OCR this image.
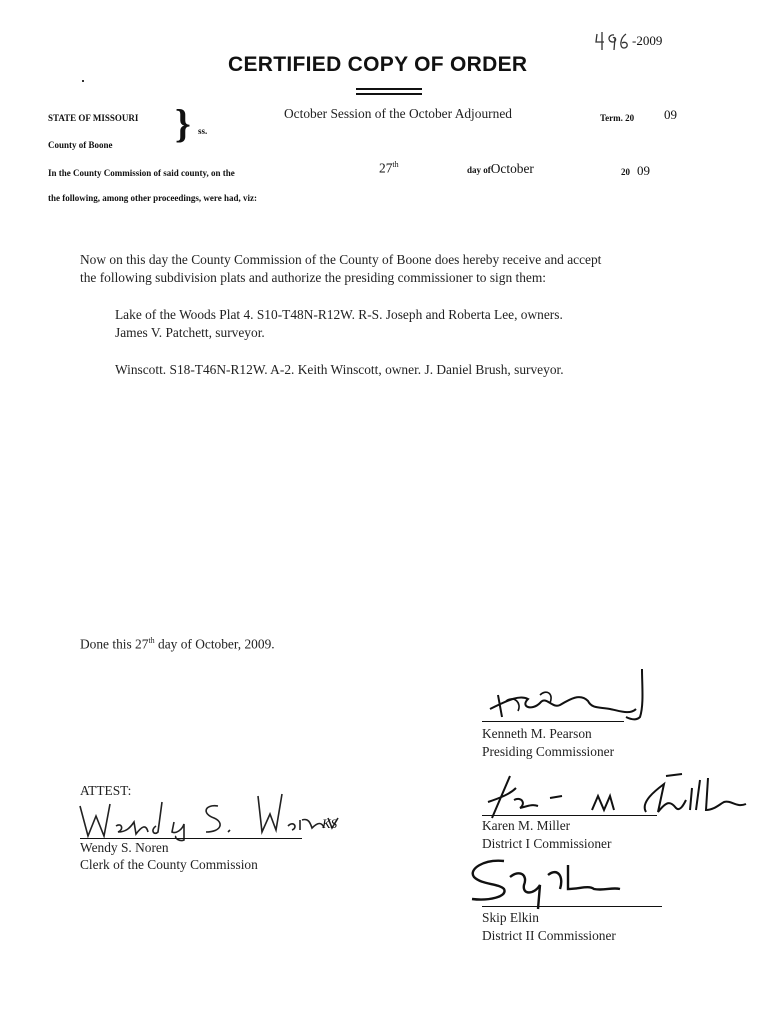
-2009
CERTIFIED COPY OF ORDER
STATE OF MISSOURI
County of Boone } ss.
October Session of the October Adjourned	Term. 20 09
In the County Commission of said county, on the	27th
day ofOctober	20 09
the following, among other proceedings, were had, viz:
Now on this day the County Commission of the County of Boone does hereby receive and accept
the following subdivision plats and authorize the presiding commissioner to sign them:
Lake of the Woods Plat 4. S10-T48N-R12W. R-S. Joseph and Roberta Lee, owners.
James V. Patchett, surveyor.
Winscott. S18-T46N-R12W. A-2. Keith Winscott, owner. J. Daniel Brush, surveyor.
Done this 27th day of October, 2009.
Kenneth M. Pearson
Presiding Commissioner
Karen M. Miller
District I Commissioner
Skip Elkin
District II Commissioner
ATTEST:
KS
Wendy S. Noren
Clerk of the County Commission
